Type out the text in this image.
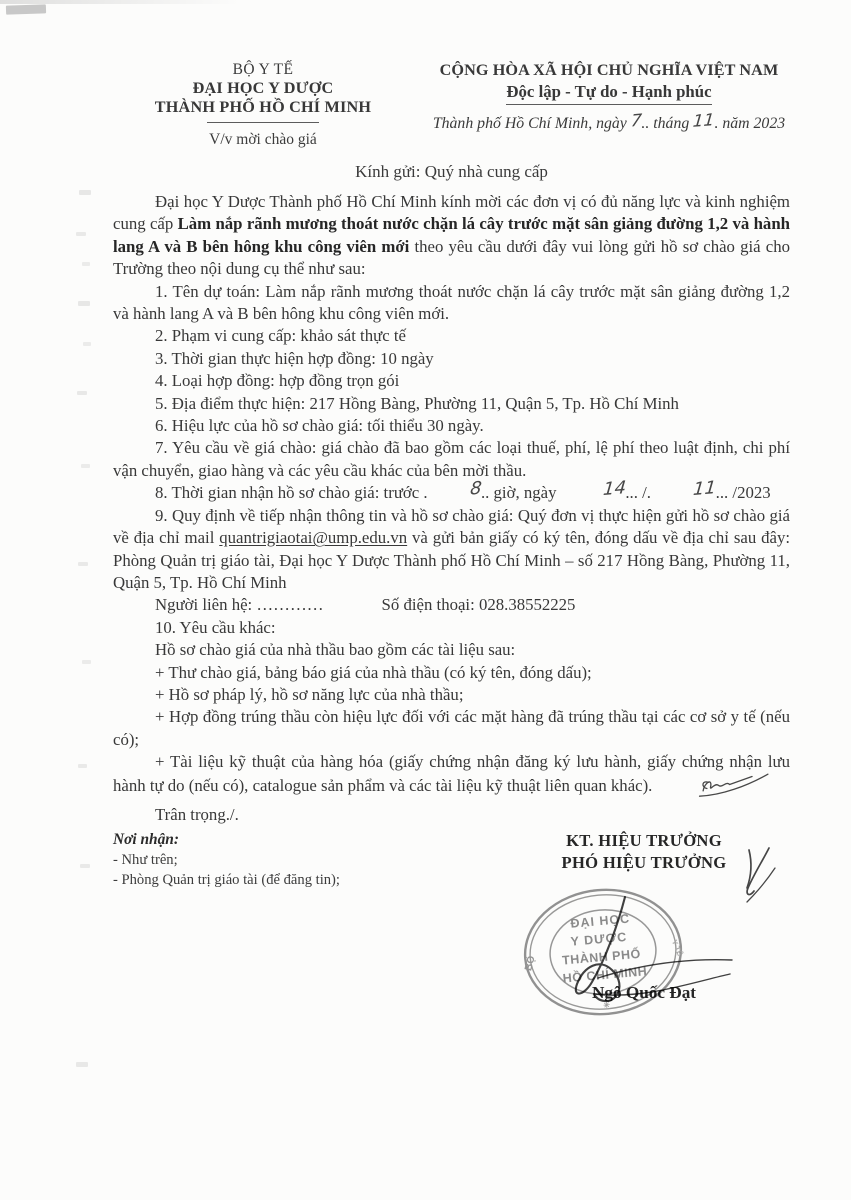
BỘ Y TẾ
ĐẠI HỌC Y DƯỢC
THÀNH PHỐ HỒ CHÍ MINH
V/v mời chào giá
CỘNG HÒA XÃ HỘI CHỦ NGHĨA VIỆT NAM
Độc lập - Tự do - Hạnh phúc
Thành phố Hồ Chí Minh, ngày 7.. tháng 11. năm 2023
Kính gửi: Quý nhà cung cấp

Đại học Y Dược Thành phố Hồ Chí Minh kính mời các đơn vị có đủ năng lực và kinh nghiệm cung cấp Làm nắp rãnh mương thoát nước chặn lá cây trước mặt sân giảng đường 1,2 và hành lang A và B bên hông khu công viên mới theo yêu cầu dưới đây vui lòng gửi hồ sơ chào giá cho Trường theo nội dung cụ thể như sau:

1. Tên dự toán: Làm nắp rãnh mương thoát nước chặn lá cây trước mặt sân giảng đường 1,2 và hành lang A và B bên hông khu công viên mới.

2. Phạm vi cung cấp: khảo sát thực tế

3. Thời gian thực hiện hợp đồng: 10 ngày

4. Loại hợp đồng: hợp đồng trọn gói

5. Địa điểm thực hiện: 217 Hồng Bàng, Phường 11, Quận 5, Tp. Hồ Chí Minh

6. Hiệu lực của hồ sơ chào giá: tối thiểu 30 ngày.

7. Yêu cầu về giá chào: giá chào đã bao gồm các loại thuế, phí, lệ phí theo luật định, chi phí vận chuyển, giao hàng và các yêu cầu khác của bên mời thầu.

8. Thời gian nhận hồ sơ chào giá: trước . 8.. giờ, ngày 14... /. 11... /2023

9. Quy định về tiếp nhận thông tin và hồ sơ chào giá: Quý đơn vị thực hiện gửi hồ sơ chào giá về địa chỉ mail quantrigiaotai@ump.edu.vn và gửi bản giấy có ký tên, đóng dấu về địa chỉ sau đây: Phòng Quản trị giáo tài, Đại học Y Dược Thành phố Hồ Chí Minh – số 217 Hồng Bàng, Phường 11, Quận 5, Tp. Hồ Chí Minh

Người liên hệ: …………	Số điện thoại: 028.38552225

10. Yêu cầu khác:

Hồ sơ chào giá của nhà thầu bao gồm các tài liệu sau:

+ Thư chào giá, bảng báo giá của nhà thầu (có ký tên, đóng dấu);

+ Hồ sơ pháp lý, hồ sơ năng lực của nhà thầu;

+ Hợp đồng trúng thầu còn hiệu lực đối với các mặt hàng đã trúng thầu tại các cơ sở y tế (nếu có);

+ Tài liệu kỹ thuật của hàng hóa (giấy chứng nhận đăng ký lưu hành, giấy chứng nhận lưu hành tự do (nếu có), catalogue sản phẩm và các tài liệu kỹ thuật liên quan khác).

Trân trọng./.

Nơi nhận:
- Như trên;
- Phòng Quản trị giáo tài (để đăng tin);
KT. HIỆU TRƯỞNG
PHÓ HIỆU TRƯỞNG
Ngô Quốc Đạt
ĐẠI HỌC
Y DƯỢC
THÀNH PHỐ
HỒ CHÍ MINH
BỘ
Y TẾ
✳
